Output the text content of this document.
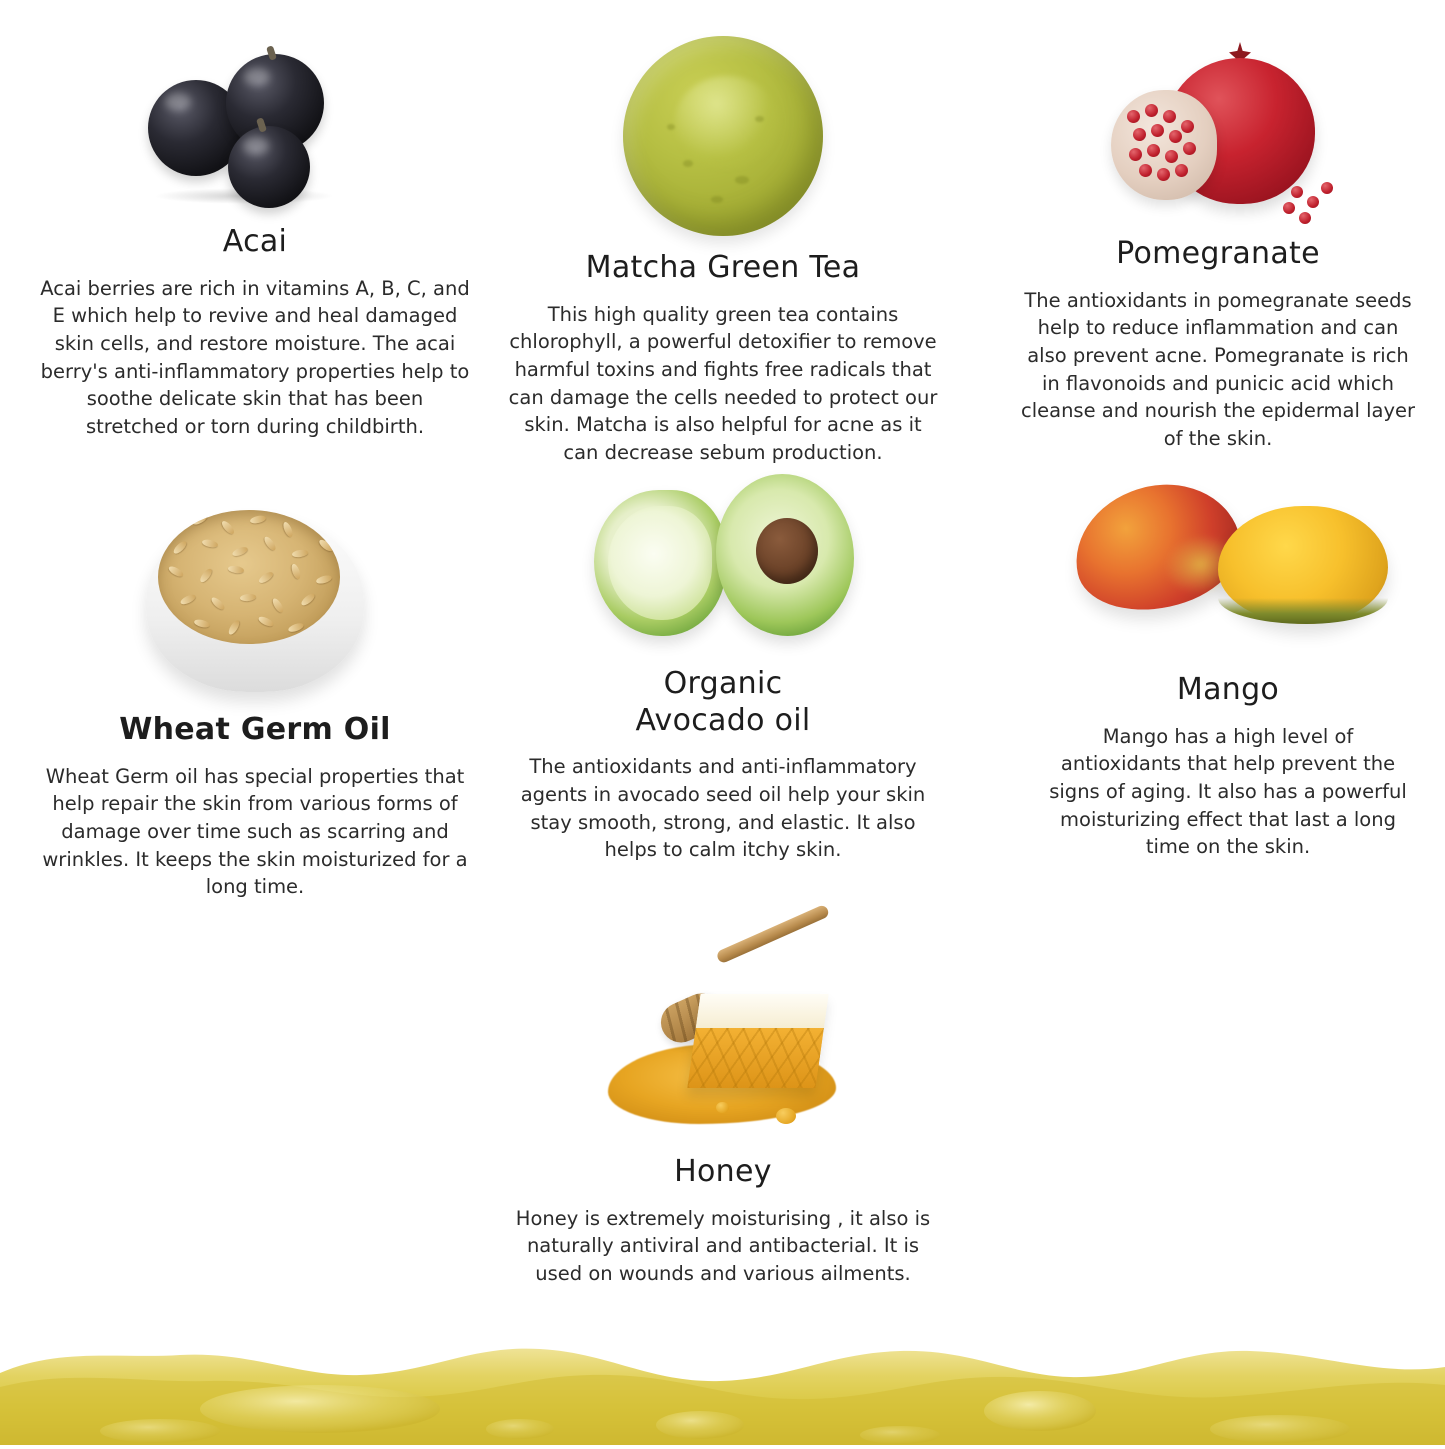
Acai
Acai berries are rich in vitamins A, B, C, and E which help to revive and heal damaged skin cells, and restore moisture. The acai berry's anti-inflammatory properties help to soothe delicate skin that has been stretched or torn during childbirth.
Matcha Green Tea
This high quality green tea contains chlorophyll, a powerful detoxifier to remove harmful toxins and fights free radicals that can damage the cells needed to protect our skin. Matcha is also helpful for acne as it can decrease sebum production.
Pomegranate
The antioxidants in pomegranate seeds help to reduce inflammation and can also prevent acne. Pomegranate is rich in flavonoids and punicic acid which cleanse and nourish the epidermal layer of the skin.
Wheat Germ Oil
Wheat Germ oil has special properties that help repair the skin from various forms of damage over time such as scarring and wrinkles. It keeps the skin moisturized for a long time.
Organic
Avocado oil
The antioxidants and anti-inflammatory agents in avocado seed oil help your skin stay smooth, strong, and elastic. It also helps to calm itchy skin.
Mango
Mango has a high level of antioxidants that help prevent the signs of aging. It also has a powerful moisturizing effect that last a long time on the skin.
Honey
Honey is extremely moisturising , it also is naturally antiviral and antibacterial. It is used on wounds and various ailments.
